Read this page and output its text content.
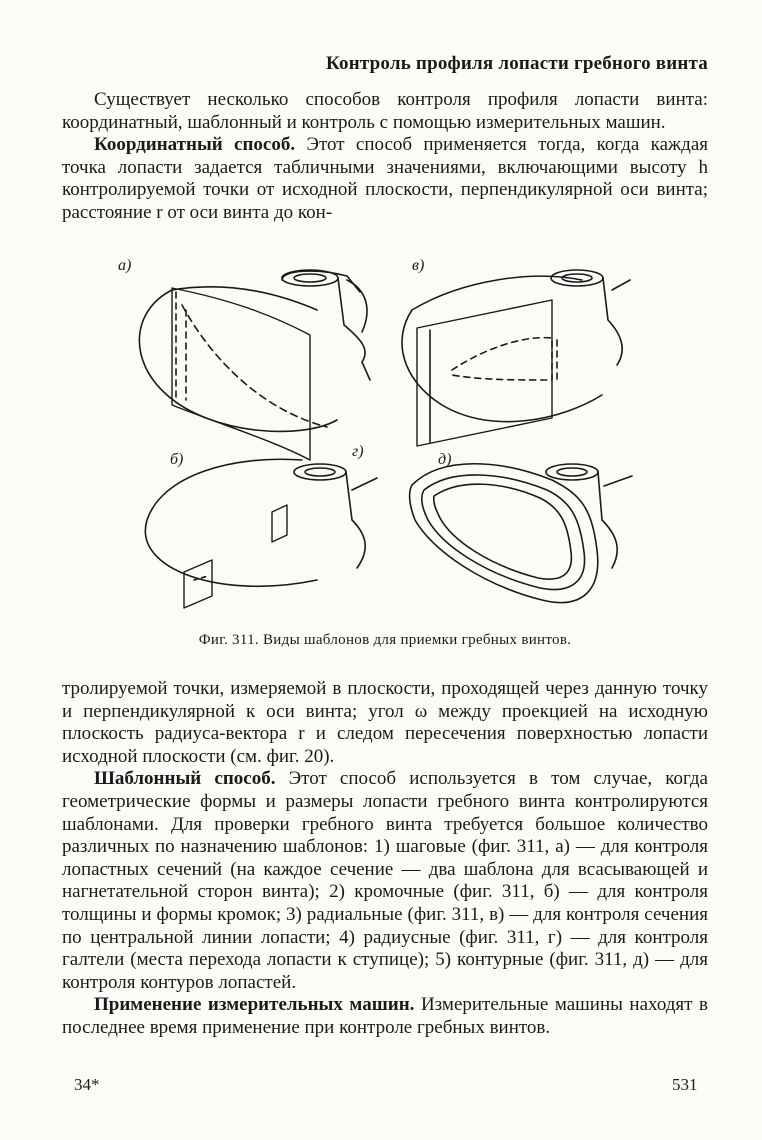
Контроль профиля лопасти гребного винта

Существует несколько способов контроля профиля лопасти винта: координатный, шаблонный и контроль с помощью измерительных машин.

Координатный способ. Этот способ применяется тогда, когда каждая точка лопасти задается табличными значениями, включающими высоту h контролируемой точки от исходной плоскости, перпендикулярной оси винта; расстояние r от оси винта до кон-

а)	в)
б)	г)	д)
Фиг. 311. Виды шаблонов для приемки гребных винтов.

тролируемой точки, измеряемой в плоскости, проходящей через данную точку и перпендикулярной к оси винта; угол ω между проекцией на исходную плоскость радиуса-вектора r и следом пересечения поверхностью лопасти исходной плоскости (см. фиг. 20).

Шаблонный способ. Этот способ используется в том случае, когда геометрические формы и размеры лопасти гребного винта контролируются шаблонами. Для проверки гребного винта требуется большое количество различных по назначению шаблонов: 1) шаговые (фиг. 311, а) — для контроля лопастных сечений (на каждое сечение — два шаблона для всасывающей и нагнетательной сторон винта); 2) кромочные (фиг. 311, б) — для контроля толщины и формы кромок; 3) радиальные (фиг. 311, в) — для контроля сечения по центральной линии лопасти; 4) радиусные (фиг. 311, г) — для контроля галтели (места перехода лопасти к ступице); 5) контурные (фиг. 311, д) — для контроля контуров лопастей.

Применение измерительных машин. Измерительные машины находят в последнее время применение при контроле гребных винтов.

34*	531
